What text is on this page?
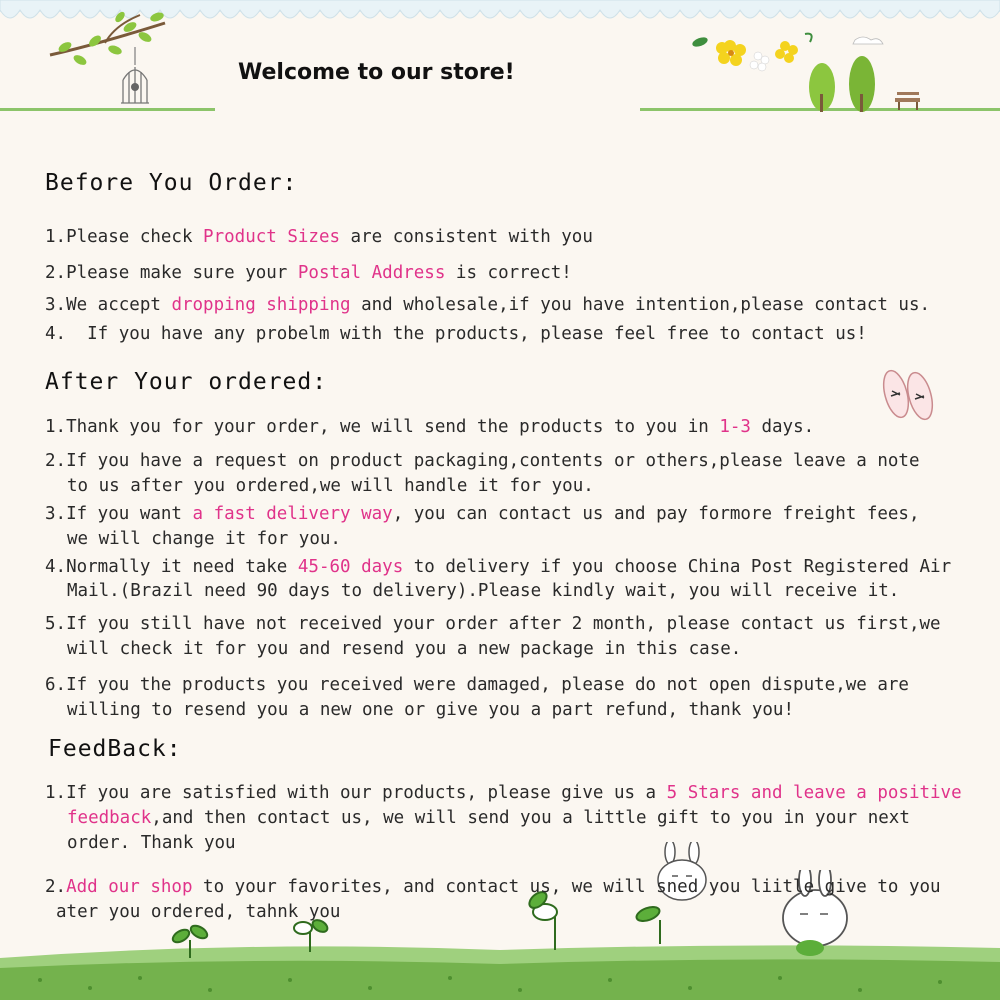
Welcome to our store!
Before You Order:
1.Please check Product Sizes are consistent with you
2.Please make sure your Postal Address is correct!
3.We accept dropping shipping and wholesale,if you have intention,please contact us.
4.  If you have any probelm with the products, please feel free to contact us!
After Your ordered:
1.Thank you for your order, we will send the products to you in 1-3 days.
2.If you have a request on product packaging,contents or others,please leave a note
to us after you ordered,we will handle it for you.
3.If you want a fast delivery way, you can contact us and pay formore freight fees,
we will change it for you.
4.Normally it need take 45-60 days to delivery if you choose China Post Registered Air
Mail.(Brazil need 90 days to delivery).Please kindly wait, you will receive it.
5.If you still have not received your order after 2 month, please contact us first,we
will check it for you and resend you a new package in this case.
6.If you the products you received were damaged, please do not open dispute,we are
willing to resend you a new one or give you a part refund, thank you!
FeedBack:
1.If you are satisfied with our products, please give us a 5 Stars and leave a positive
feedback,and then contact us, we will send you a little gift to you in your next
order. Thank you
2.Add our shop to your favorites, and contact us, we will sned you liitle give to you
ater you ordered, tahnk you
